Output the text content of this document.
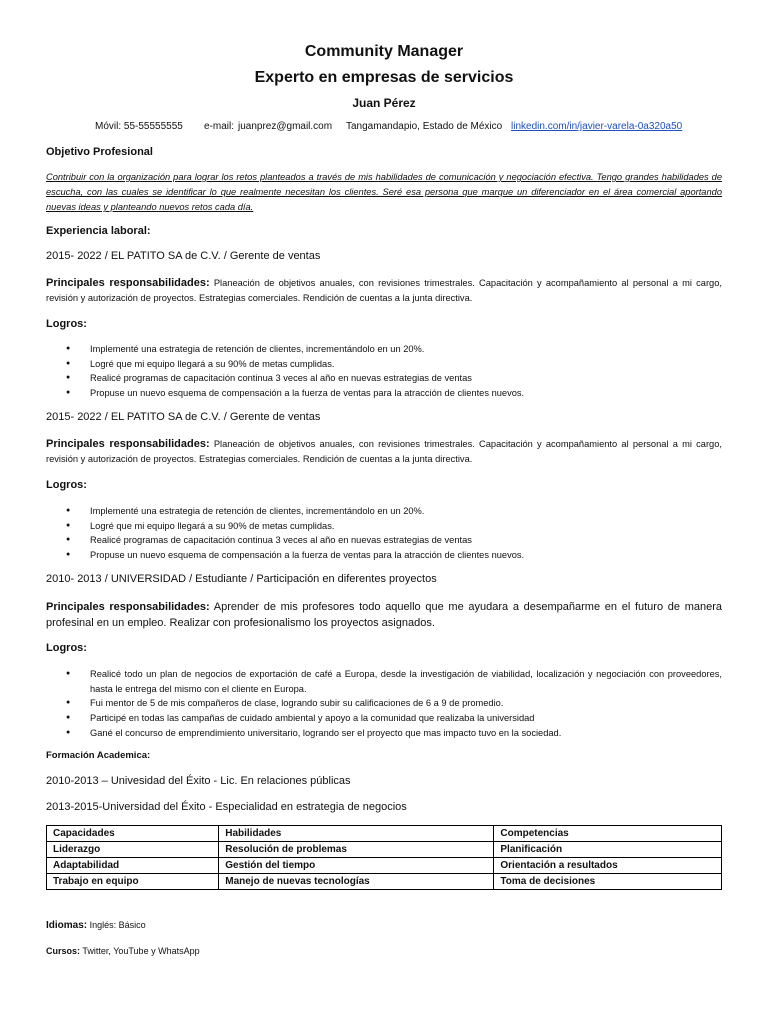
Community Manager
Experto en empresas de servicios
Juan Pérez
Móvil: 55-55555555 e-mail: juanprez@gmail.com Tangamandapio, Estado de México linkedin.com/in/javier-varela-0a320a50
Objetivo Profesional
Contribuir con la organización para lograr los retos planteados a través de mis habilidades de comunicación y negociación efectiva. Tengo grandes habilidades de escucha, con las cuales se identificar lo que realmente necesitan los clientes. Seré esa persona que marque un diferenciador en el área comercial aportando nuevas ideas y planteando nuevos retos cada día.
Experiencia laboral:
2015- 2022 / EL PATITO SA de C.V. / Gerente de ventas
Principales responsabilidades: Planeación de objetivos anuales, con revisiones trimestrales. Capacitación y acompañamiento al personal a mi cargo, revisión y autorización de proyectos. Estrategias comerciales. Rendición de cuentas a la junta directiva.
Logros:
● Implementé una estrategia de retención de clientes, incrementándolo en un 20%.
● Logré que mi equipo llegará a su 90% de metas cumplidas.
● Realicé programas de capacitación continua 3 veces al año en nuevas estrategias de ventas
● Propuse un nuevo esquema de compensación a la fuerza de ventas para la atracción de clientes nuevos.
2015- 2022 / EL PATITO SA de C.V. / Gerente de ventas
Principales responsabilidades: Planeación de objetivos anuales, con revisiones trimestrales. Capacitación y acompañamiento al personal a mi cargo, revisión y autorización de proyectos. Estrategias comerciales. Rendición de cuentas a la junta directiva.
Logros:
● Implementé una estrategia de retención de clientes, incrementándolo en un 20%.
● Logré que mi equipo llegará a su 90% de metas cumplidas.
● Realicé programas de capacitación continua 3 veces al año en nuevas estrategias de ventas
● Propuse un nuevo esquema de compensación a la fuerza de ventas para la atracción de clientes nuevos.
2010- 2013 / UNIVERSIDAD / Estudiante / Participación en diferentes proyectos
Principales responsabilidades: Aprender de mis profesores todo aquello que me ayudara a desempañarme en el futuro de manera profesinal en un empleo. Realizar con profesionalismo los proyectos asignados.
Logros:
● Realicé todo un plan de negocios de exportación de café a Europa, desde la investigación de viabilidad, localización y negociación con proveedores, hasta le entrega del mismo con el cliente en Europa.
● Fui mentor de 5 de mis compañeros de clase, logrando subir su calificaciones de 6 a 9 de promedio.
● Participé en todas las campañas de cuidado ambiental y apoyo a la comunidad que realizaba la universidad
● Gané el concurso de emprendimiento universitario, logrando ser el proyecto que mas impacto tuvo en la sociedad.
Formación Academica:
2010-2013 – Univesidad del Éxito - Lic. En relaciones públicas
2013-2015-Universidad del Éxito - Especialidad en estrategia de negocios
Capacidades	Habilidades	Competencias
Liderazgo	Resolución de problemas	Planificación
Adaptabilidad	Gestión del tiempo	Orientación a resultados
Trabajo en equipo	Manejo de nuevas tecnologías	Toma de decisiones
Idiomas: Inglés: Básico
Cursos: Twitter, YouTube y WhatsApp
